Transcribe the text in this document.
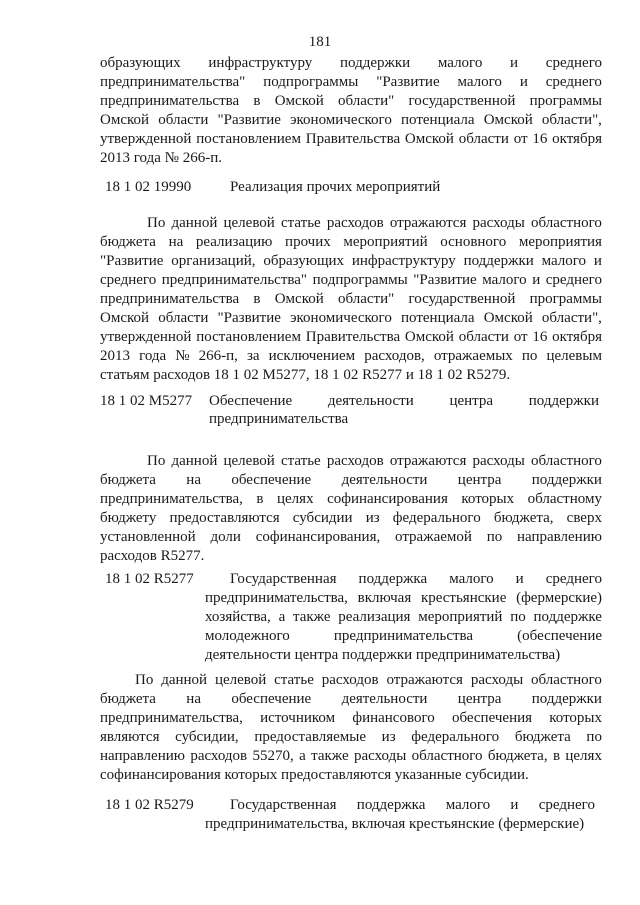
181
образующих инфраструктуру поддержки малого и среднего
предпринимательства" подпрограммы "Развитие малого и среднего
предпринимательства в Омской области" государственной программы
Омской области "Развитие экономического потенциала Омской области",
утвержденной постановлением Правительства Омской области от 16 октября
2013 года № 266-п.
18 1 02 19990	Реализация прочих мероприятий
По данной целевой статье расходов отражаются расходы областного
бюджета на реализацию прочих мероприятий основного мероприятия
"Развитие организаций, образующих инфраструктуру поддержки малого и
среднего предпринимательства" подпрограммы "Развитие малого и среднего
предпринимательства в Омской области" государственной программы
Омской области "Развитие экономического потенциала Омской области",
утвержденной постановлением Правительства Омской области от 16 октября
2013 года № 266-п, за исключением расходов, отражаемых по целевым
статьям расходов 18 1 02 M5277, 18 1 02 R5277 и 18 1 02 R5279.
18 1 02 M5277 Обеспечение деятельности центра поддержки
предпринимательства
По данной целевой статье расходов отражаются расходы областного
бюджета на обеспечение деятельности центра поддержки
предпринимательства, в целях софинансирования которых областному
бюджету предоставляются субсидии из федерального бюджета, сверх
установленной доли софинансирования, отражаемой по направлению
расходов R5277.
18 1 02 R5277 Государственная поддержка малого и среднего
предпринимательства, включая крестьянские (фермерские)
хозяйства, а также реализация мероприятий по поддержке
молодежного	предпринимательства	(обеспечение
деятельности центра поддержки предпринимательства)
По данной целевой статье расходов отражаются расходы областного
бюджета на обеспечение деятельности центра поддержки
предпринимательства, источником финансового обеспечения которых
являются субсидии, предоставляемые из федерального бюджета по
направлению расходов 55270, а также расходы областного бюджета, в целях
софинансирования которых предоставляются указанные субсидии.
18 1 02 R5279 Государственная поддержка малого и среднего
предпринимательства, включая крестьянские (фермерские)
